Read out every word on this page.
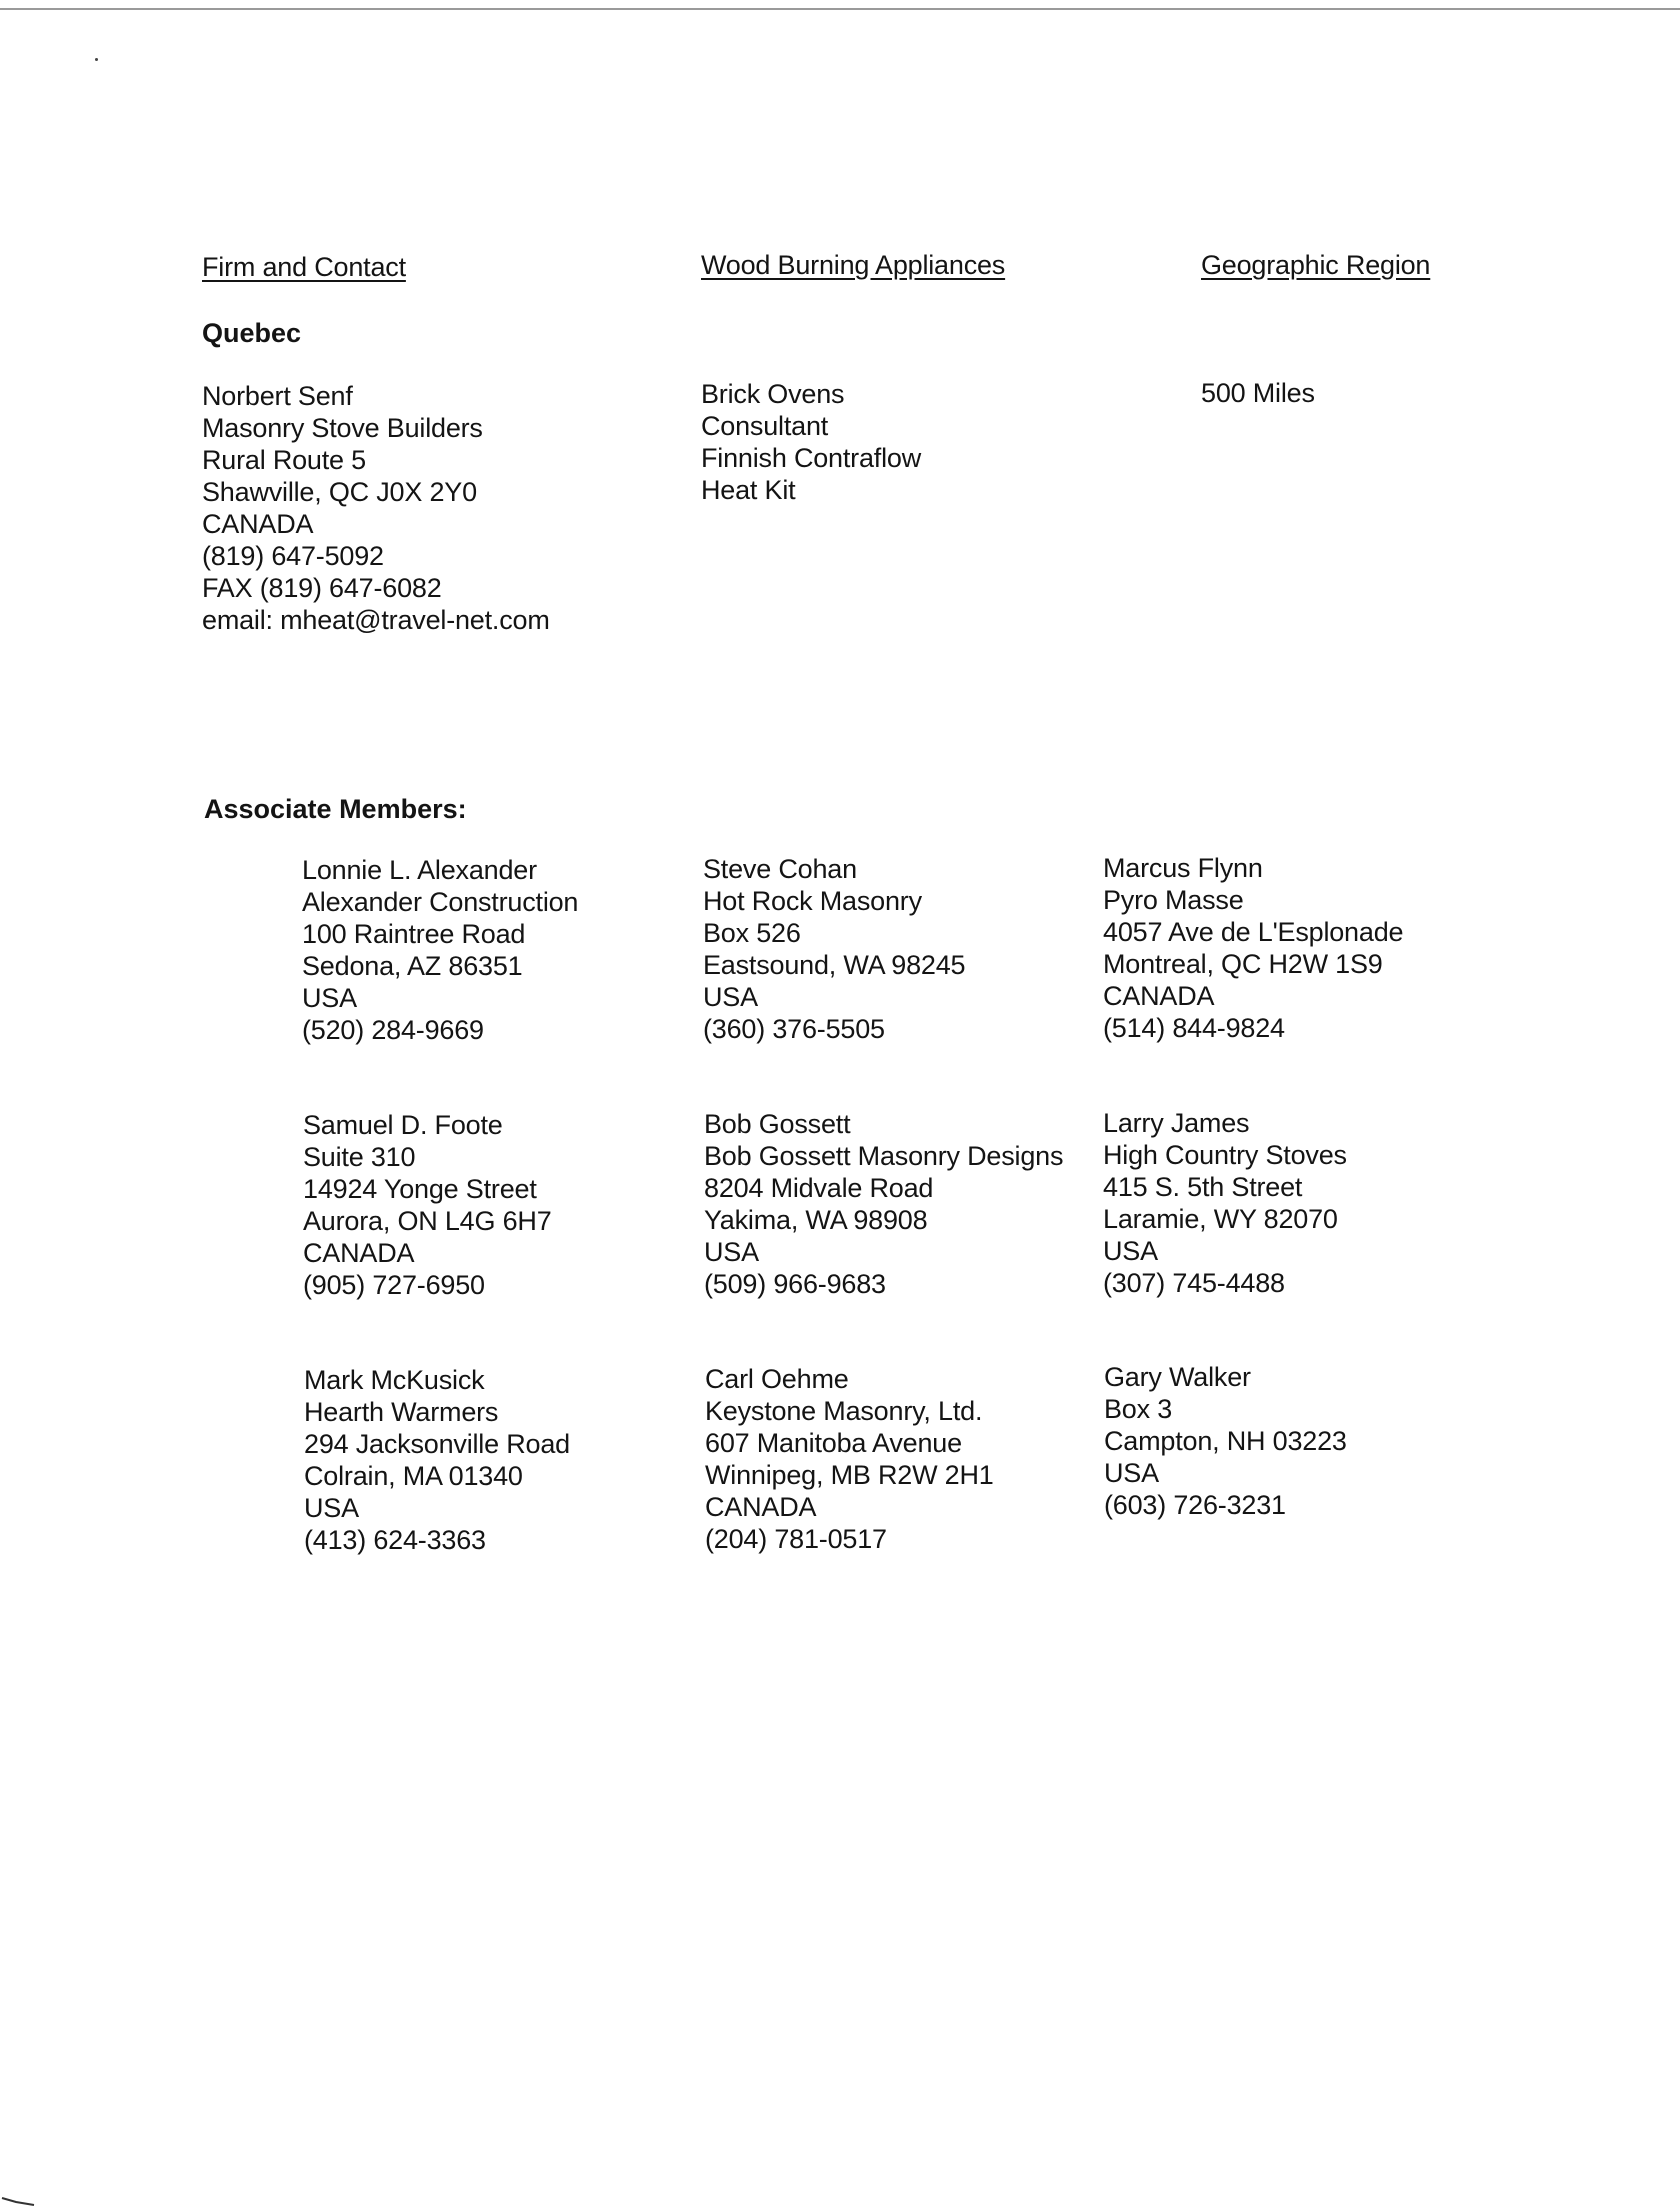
Firm and Contact	Wood Burning Appliances	Geographic Region
Quebec
Norbert Senf
Masonry Stove Builders
Rural Route 5
Shawville, QC J0X 2Y0
CANADA
(819) 647-5092
FAX (819) 647-6082
email: mheat@travel-net.com
Brick Ovens
Consultant
Finnish Contraflow
Heat Kit
500 Miles
Associate Members:
Lonnie L. Alexander
Alexander Construction
100 Raintree Road
Sedona, AZ 86351
USA
(520) 284-9669
Steve Cohan
Hot Rock Masonry
Box 526
Eastsound, WA 98245
USA
(360) 376-5505
Marcus Flynn
Pyro Masse
4057 Ave de L'Esplonade
Montreal, QC H2W 1S9
CANADA
(514) 844-9824
Samuel D. Foote
Suite 310
14924 Yonge Street
Aurora, ON L4G 6H7
CANADA
(905) 727-6950
Bob Gossett
Bob Gossett Masonry Designs
8204 Midvale Road
Yakima, WA 98908
USA
(509) 966-9683
Larry James
High Country Stoves
415 S. 5th Street
Laramie, WY 82070
USA
(307) 745-4488
Mark McKusick
Hearth Warmers
294 Jacksonville Road
Colrain, MA 01340
USA
(413) 624-3363
Carl Oehme
Keystone Masonry, Ltd.
607 Manitoba Avenue
Winnipeg, MB R2W 2H1
CANADA
(204) 781-0517
Gary Walker
Box 3
Campton, NH 03223
USA
(603) 726-3231
